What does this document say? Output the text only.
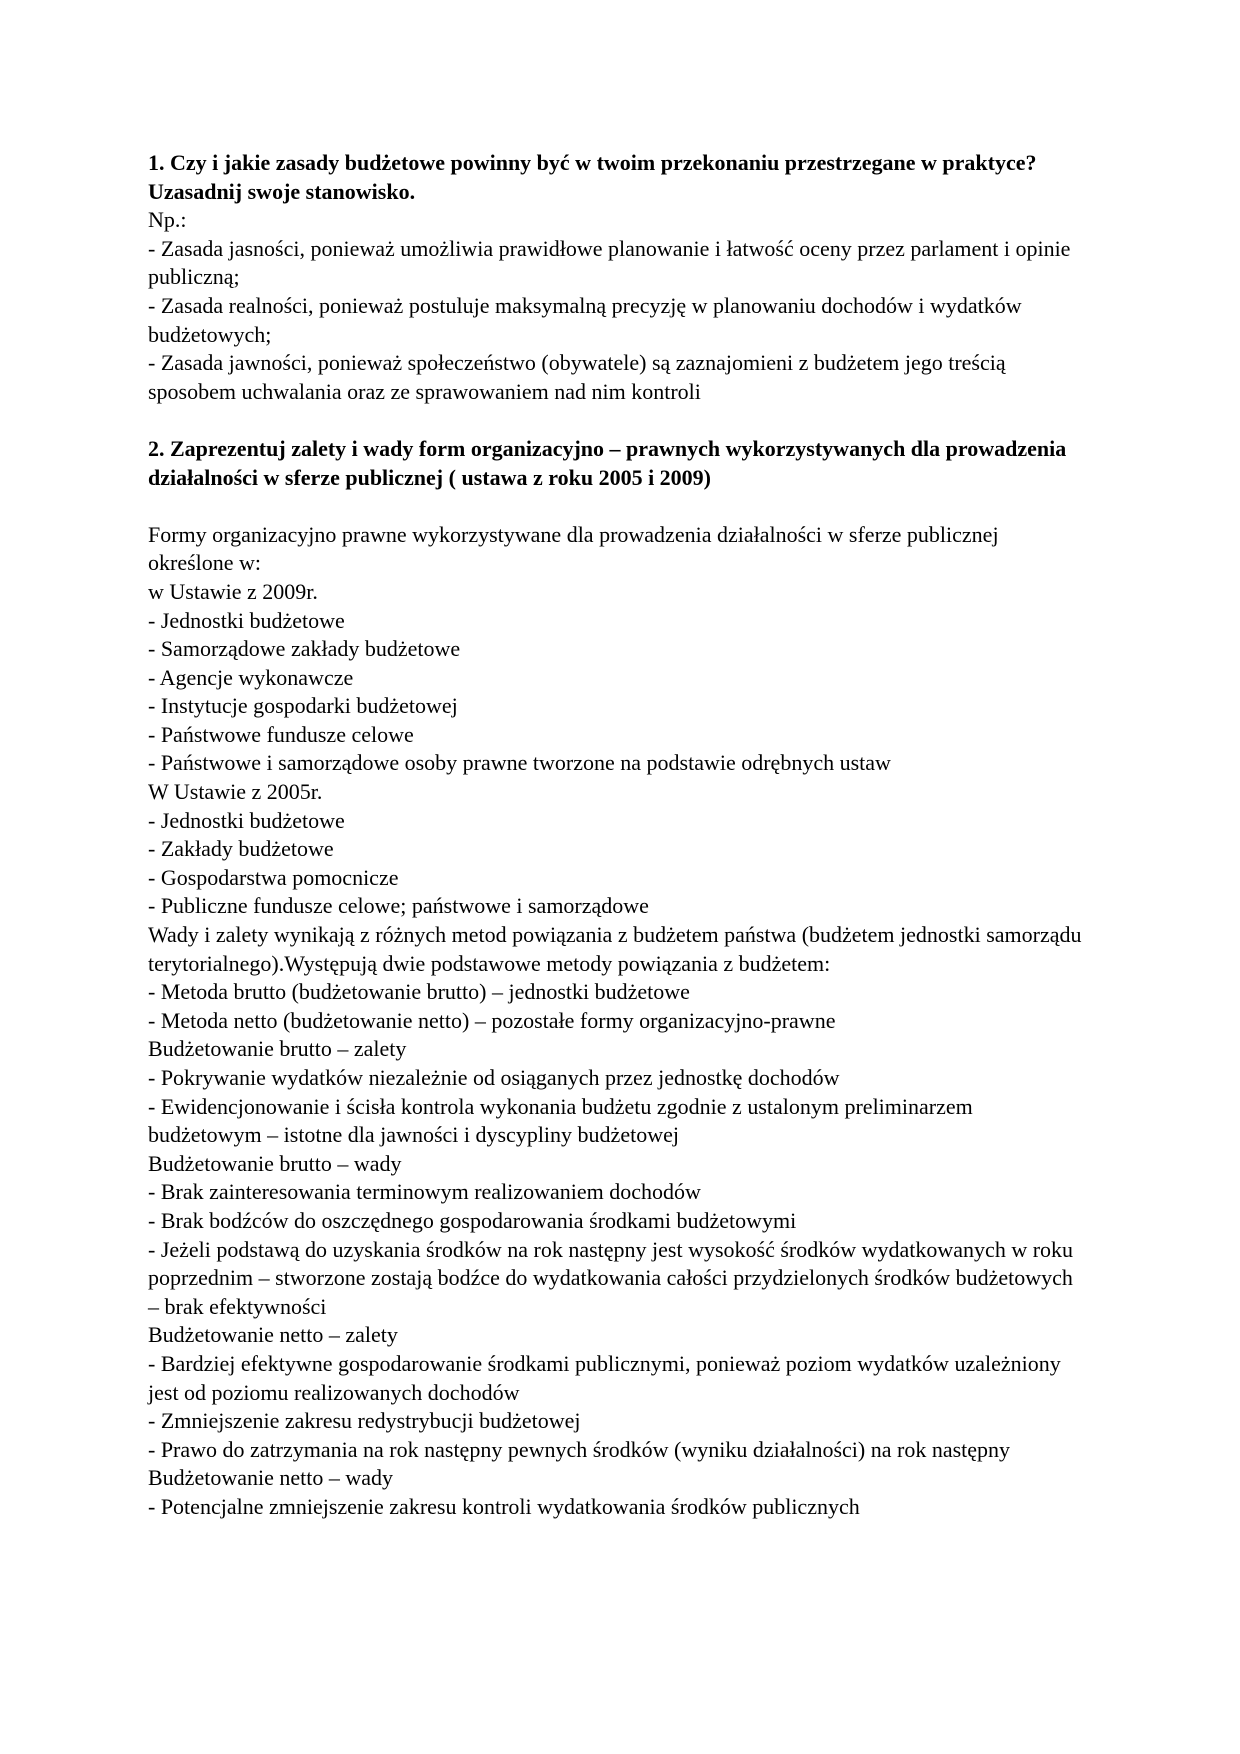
1. Czy i jakie zasady budżetowe powinny być w twoim przekonaniu przestrzegane w praktyce? Uzasadnij swoje stanowisko.

Np.:

- Zasada jasności, ponieważ umożliwia prawidłowe planowanie i łatwość oceny przez parlament i opinie publiczną;

- Zasada realności, ponieważ postuluje maksymalną precyzję w planowaniu dochodów i wydatków budżetowych;

- Zasada jawności, ponieważ społeczeństwo (obywatele) są zaznajomieni z budżetem jego treścią sposobem uchwalania oraz ze sprawowaniem nad nim kontroli

2. Zaprezentuj zalety i wady form organizacyjno – prawnych wykorzystywanych dla prowadzenia działalności w sferze publicznej ( ustawa z roku 2005 i 2009)

Formy organizacyjno prawne wykorzystywane dla prowadzenia działalności w sferze publicznej określone w:

w Ustawie z 2009r.

- Jednostki budżetowe

- Samorządowe zakłady budżetowe

- Agencje wykonawcze

- Instytucje gospodarki budżetowej

- Państwowe fundusze celowe

- Państwowe i samorządowe osoby prawne tworzone na podstawie odrębnych ustaw

W Ustawie z 2005r.

- Jednostki budżetowe

- Zakłady budżetowe

- Gospodarstwa pomocnicze

- Publiczne fundusze celowe; państwowe i samorządowe

Wady i zalety wynikają z różnych metod powiązania z budżetem państwa (budżetem jednostki samorządu terytorialnego).Występują dwie podstawowe metody powiązania z budżetem:

- Metoda brutto (budżetowanie brutto) – jednostki budżetowe

- Metoda netto (budżetowanie netto) – pozostałe formy organizacyjno-prawne

Budżetowanie brutto – zalety

- Pokrywanie wydatków niezależnie od osiąganych przez jednostkę dochodów

- Ewidencjonowanie i ścisła kontrola wykonania budżetu zgodnie z ustalonym preliminarzem budżetowym – istotne dla jawności i dyscypliny budżetowej

Budżetowanie brutto – wady

- Brak zainteresowania terminowym realizowaniem dochodów

- Brak bodźców do oszczędnego gospodarowania środkami budżetowymi

- Jeżeli podstawą do uzyskania środków na rok następny jest wysokość środków wydatkowanych w roku poprzednim – stworzone zostają bodźce do wydatkowania całości przydzielonych środków budżetowych – brak efektywności

Budżetowanie netto – zalety

- Bardziej efektywne gospodarowanie środkami publicznymi, ponieważ poziom wydatków uzależniony jest od poziomu realizowanych dochodów

- Zmniejszenie zakresu redystrybucji budżetowej

- Prawo do zatrzymania na rok następny pewnych środków (wyniku działalności) na rok następny

Budżetowanie netto – wady

- Potencjalne zmniejszenie zakresu kontroli wydatkowania środków publicznych
